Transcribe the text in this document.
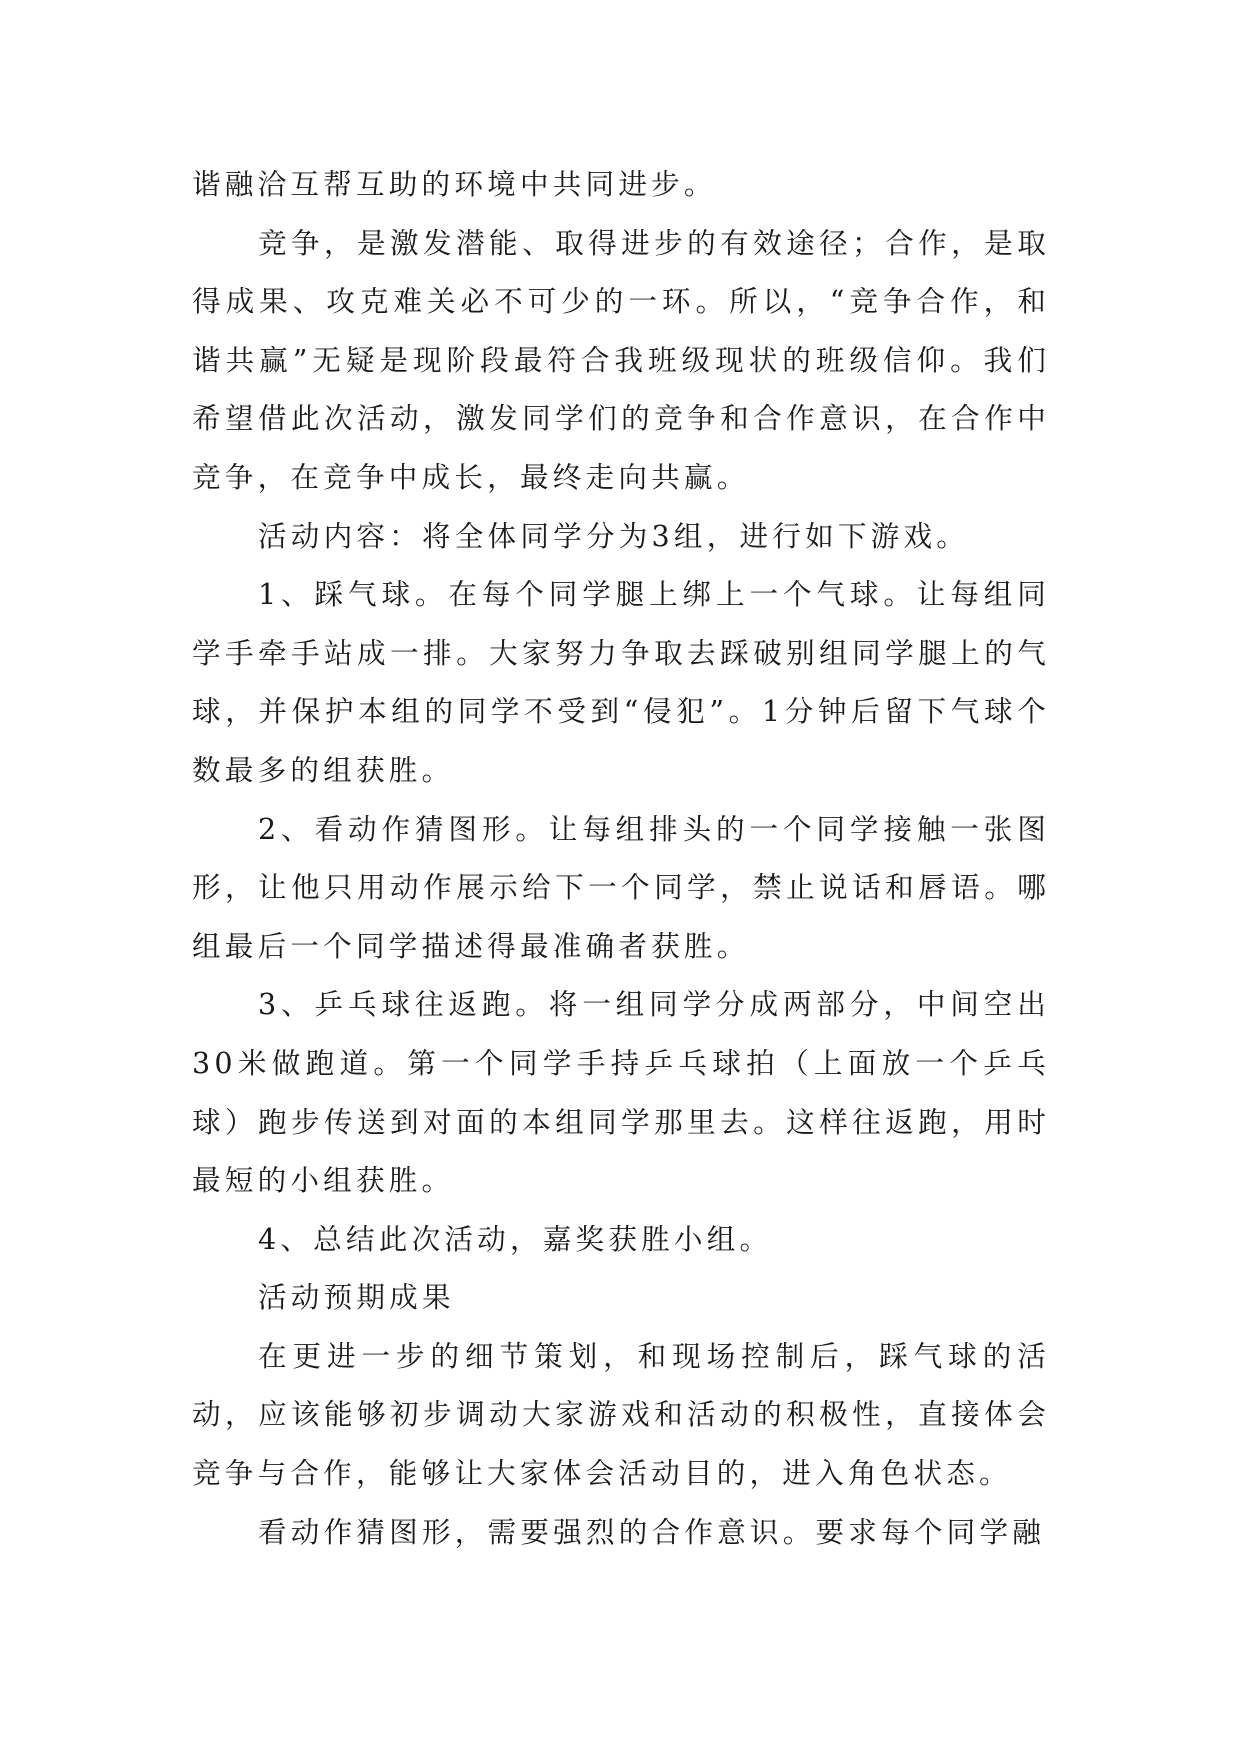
谐融洽互帮互助的环境中共同进步。

竞争，是激发潜能、取得进步的有效途径；合作，是取得成果、攻克难关必不可少的一环。所以，“竞争合作，和谐共赢”无疑是现阶段最符合我班级现状的班级信仰。我们希望借此次活动，激发同学们的竞争和合作意识，在合作中竞争，在竞争中成长，最终走向共赢。

活动内容：将全体同学分为3组，进行如下游戏。

1、踩气球。在每个同学腿上绑上一个气球。让每组同学手牵手站成一排。大家努力争取去踩破别组同学腿上的气球，并保护本组的同学不受到“侵犯”。1分钟后留下气球个数最多的组获胜。

2、看动作猜图形。让每组排头的一个同学接触一张图形，让他只用动作展示给下一个同学，禁止说话和唇语。哪组最后一个同学描述得最准确者获胜。

3、乒乓球往返跑。将一组同学分成两部分，中间空出30米做跑道。第一个同学手持乒乓球拍（上面放一个乒乓球）跑步传送到对面的本组同学那里去。这样往返跑，用时最短的小组获胜。

4、总结此次活动，嘉奖获胜小组。

活动预期成果

在更进一步的细节策划，和现场控制后，踩气球的活动，应该能够初步调动大家游戏和活动的积极性，直接体会竞争与合作，能够让大家体会活动目的，进入角色状态。

看动作猜图形，需要强烈的合作意识。要求每个同学融
